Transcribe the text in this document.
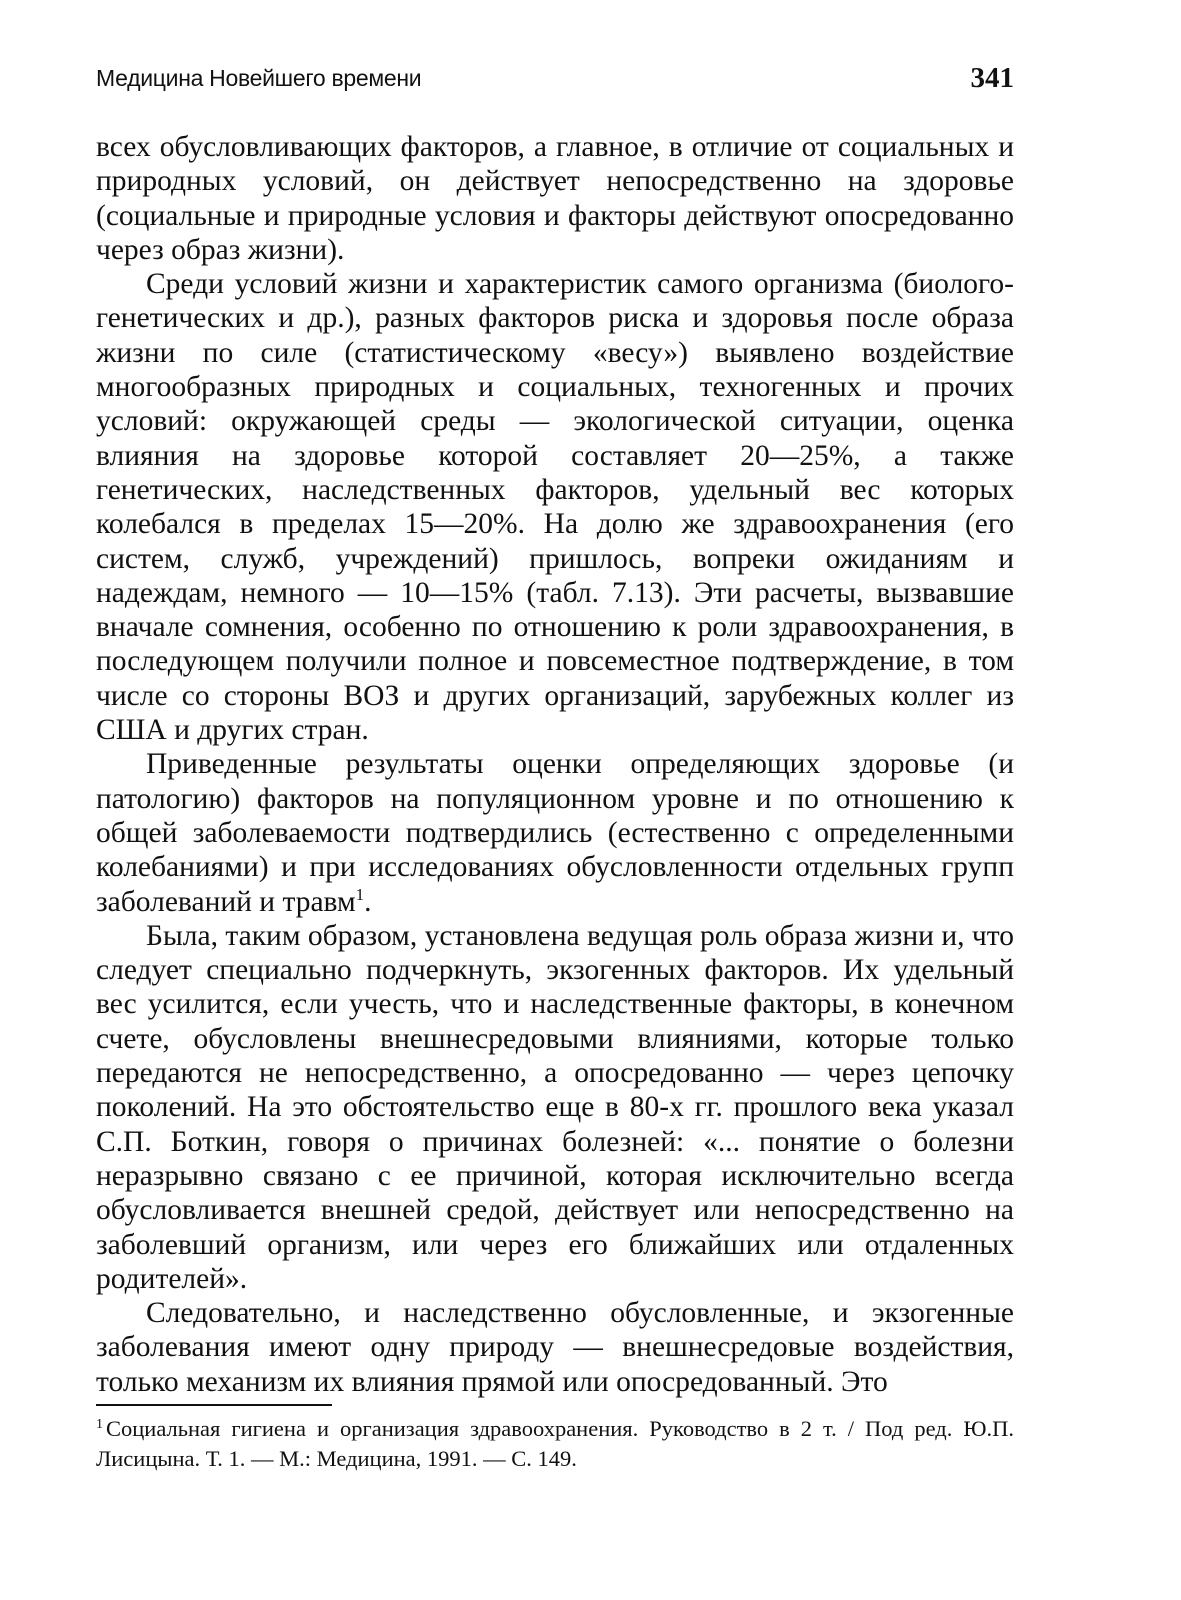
Медицина Новейшего времени	341

всех обусловливающих факторов, а главное, в отличие от социальных и природных условий, он действует непосредственно на здоровье (социальные и природные условия и факторы действуют опосредованно через образ жизни).

Среди условий жизни и характеристик самого организма (биолого-генетических и др.), разных факторов риска и здоровья после образа жизни по силе (статистическому «весу») выявлено воздействие многообразных природных и социальных, техногенных и прочих условий: окружающей среды — экологической ситуации, оценка влияния на здоровье которой составляет 20—25%, а также генетических, наследственных факторов, удельный вес которых колебался в пределах 15—20%. На долю же здравоохранения (его систем, служб, учреждений) пришлось, вопреки ожиданиям и надеждам, немного — 10—15% (табл. 7.13). Эти расчеты, вызвавшие вначале сомнения, особенно по отношению к роли здравоохранения, в последующем получили полное и повсеместное подтверждение, в том числе со стороны ВОЗ и других организаций, зарубежных коллег из США и других стран.

Приведенные результаты оценки определяющих здоровье (и патологию) факторов на популяционном уровне и по отношению к общей заболеваемости подтвердились (естественно с определенными колебаниями) и при исследованиях обусловленности отдельных групп заболеваний и травм$^1$.

Была, таким образом, установлена ведущая роль образа жизни и, что следует специально подчеркнуть, экзогенных факторов. Их удельный вес усилится, если учесть, что и наследственные факторы, в конечном счете, обусловлены внешнесредовыми влияниями, которые только передаются не непосредственно, а опосредованно — через цепочку поколений. На это обстоятельство еще в 80-х гг. прошлого века указал С.П. Боткин, говоря о причинах болезней: «... понятие о болезни неразрывно связано с ее причиной, которая исключительно всегда обусловливается внешней средой, действует или непосредственно на заболевший организм, или через его ближайших или отдаленных родителей».

Следовательно, и наследственно обусловленные, и экзогенные заболевания имеют одну природу — внешнесредовые воздействия, только механизм их влияния прямой или опосредованный. Это

$^1$ Социальная гигиена и организация здравоохранения. Руководство в 2 т. / Под ред. Ю.П. Лисицына. Т. 1. — М.: Медицина, 1991. — С. 149.
